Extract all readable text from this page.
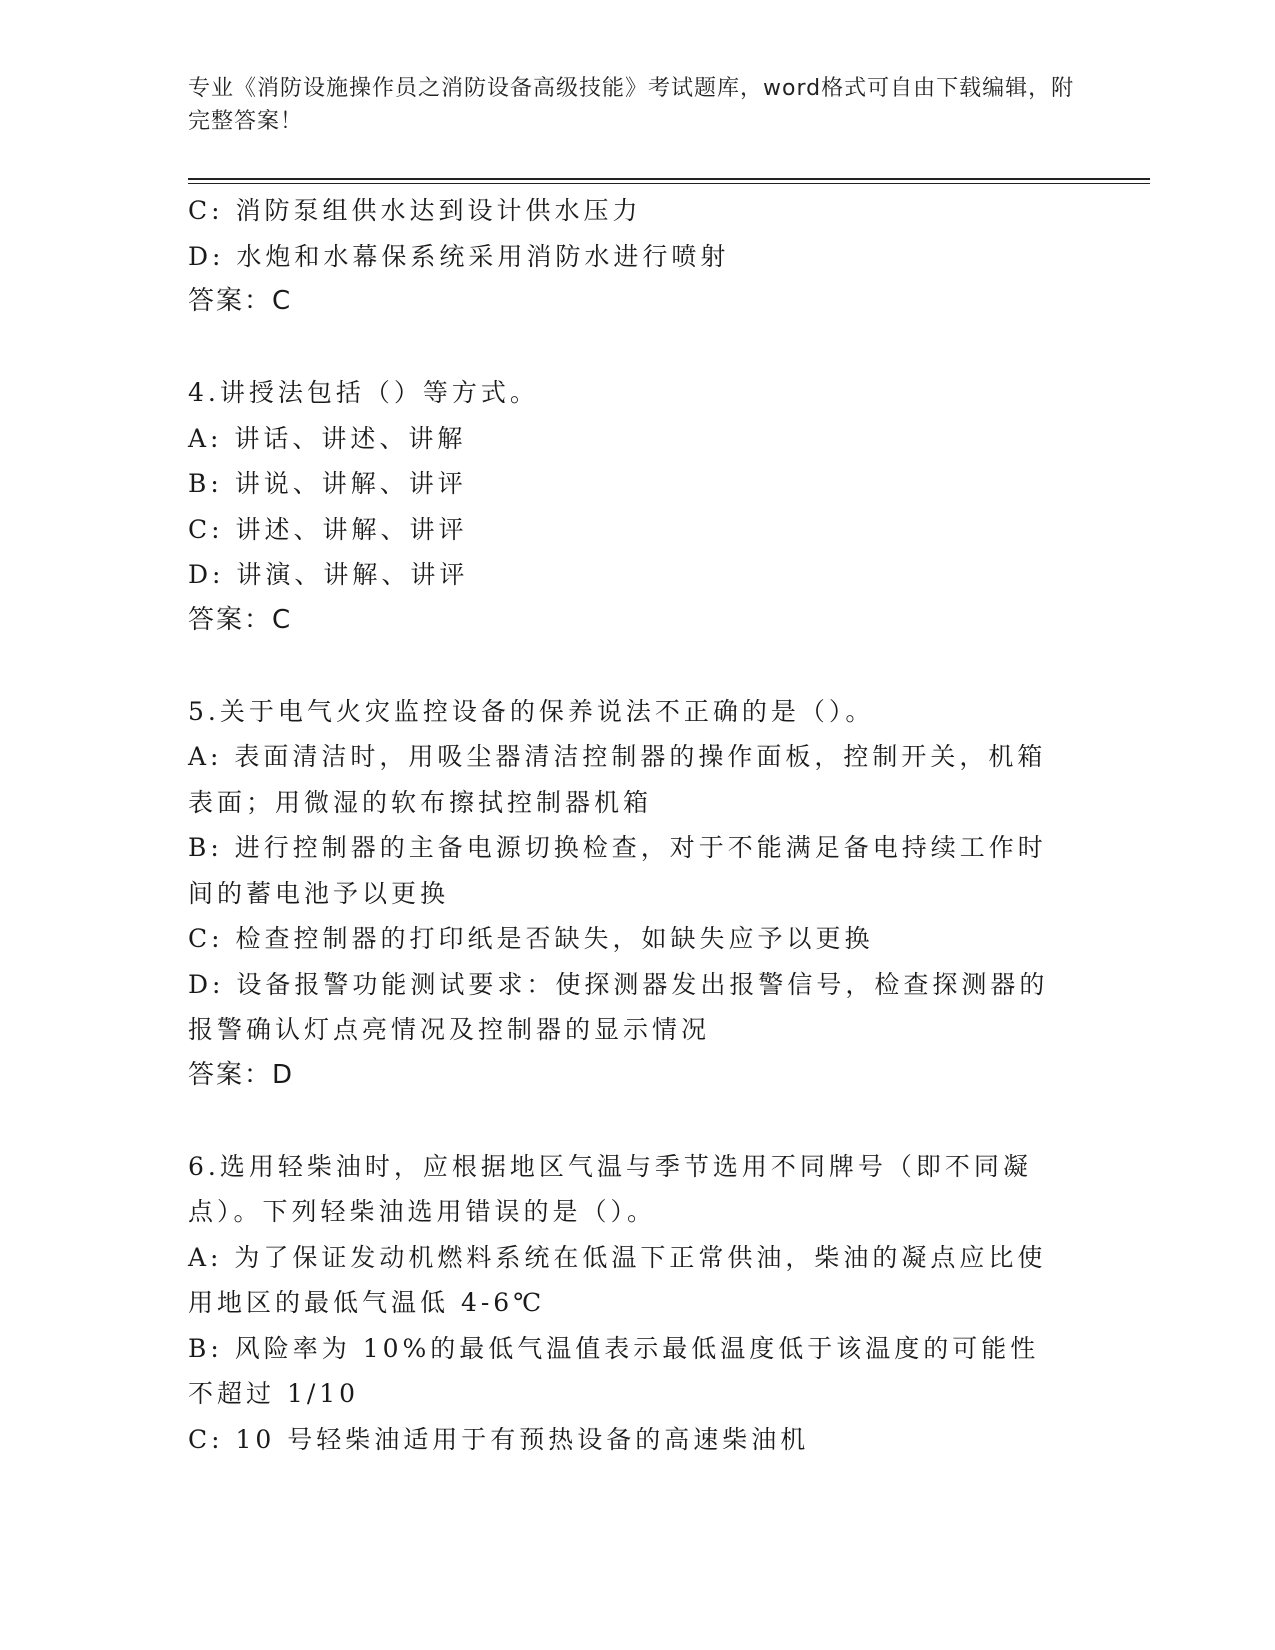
专业《消防设施操作员之消防设备高级技能》考试题库，word格式可自由下载编辑，附完整答案！
C: 消防泵组供水达到设计供水压力
D: 水炮和水幕保系统采用消防水进行喷射
答案：C
4.讲授法包括（）等方式。
A: 讲话、讲述、讲解
B: 讲说、讲解、讲评
C: 讲述、讲解、讲评
D: 讲演、讲解、讲评
答案：C
5.关于电气火灾监控设备的保养说法不正确的是（）。
A: 表面清洁时，用吸尘器清洁控制器的操作面板，控制开关，机箱表面；用微湿的软布擦拭控制器机箱
B: 进行控制器的主备电源切换检查，对于不能满足备电持续工作时间的蓄电池予以更换
C: 检查控制器的打印纸是否缺失，如缺失应予以更换
D: 设备报警功能测试要求：使探测器发出报警信号，检查探测器的报警确认灯点亮情况及控制器的显示情况
答案：D
6.选用轻柴油时，应根据地区气温与季节选用不同牌号（即不同凝点）。下列轻柴油选用错误的是（）。
A: 为了保证发动机燃料系统在低温下正常供油，柴油的凝点应比使用地区的最低气温低 4-6℃
B: 风险率为 10%的最低气温值表示最低温度低于该温度的可能性不超过 1/10
C: 10 号轻柴油适用于有预热设备的高速柴油机
